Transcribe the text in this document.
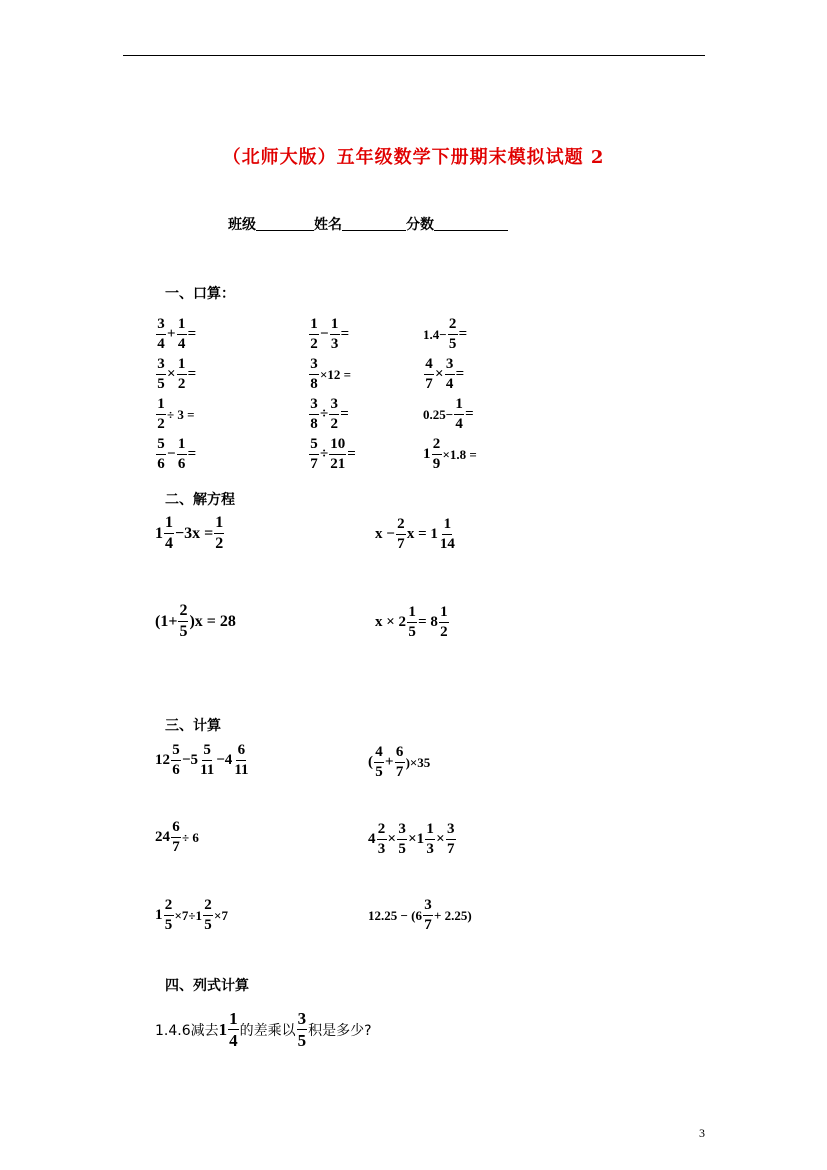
（北师大版）五年级数学下册期末模拟试题 2
班级	姓名	分数
一、口算：
$\frac{3}{4} + \frac{1}{4}$ =	$\frac{1}{2} - \frac{1}{3}$ =	$1.4- \frac{2}{5}$ =
$\frac{3}{5} \times \frac{1}{2}$ =	$\frac{3}{8} \times 12$ =	$\frac{4}{7} \times \frac{3}{4}$ =
$\frac{1}{2} \div 3$ =	$\frac{3}{8} \div \frac{3}{2}$ =	$0.25- \frac{1}{4}$ =
$\frac{5}{6} - \frac{1}{6}$ =	$\frac{5}{7} \div \frac{10}{21}$ =	$1 \frac{2}{9} \times 1.8$ =
二、解方程
$1 \frac{1}{4} -3x = \frac{1}{2}$	$x - \frac{2}{7}$ $x = 1 \frac{1}{14}$
$(1+ \frac{2}{5} )x = 28$	$x \times 2 \frac{1}{5} = 8 \frac{1}{2}$
三、计算
$12 \frac{5}{6} -5 \frac{5}{11} -4 \frac{6}{11}$	( $\frac{4}{5} + \frac{6}{7} )\times 35$
$24 \frac{6}{7} \div 6$	$4 \frac{2}{3} \times \frac{3}{5} \times 1 \frac{1}{3} \times \frac{3}{7}$
$1 \frac{2}{5} \times 7\div 1 \frac{2}{5} \times 7$	$12.25 - (6 \frac{3}{7} + 2.25)$
四、列式计算
1.4.6减去$1 \frac{1}{4}$ 的差乘以 $\frac{3}{5}$ 积是多少?
3
